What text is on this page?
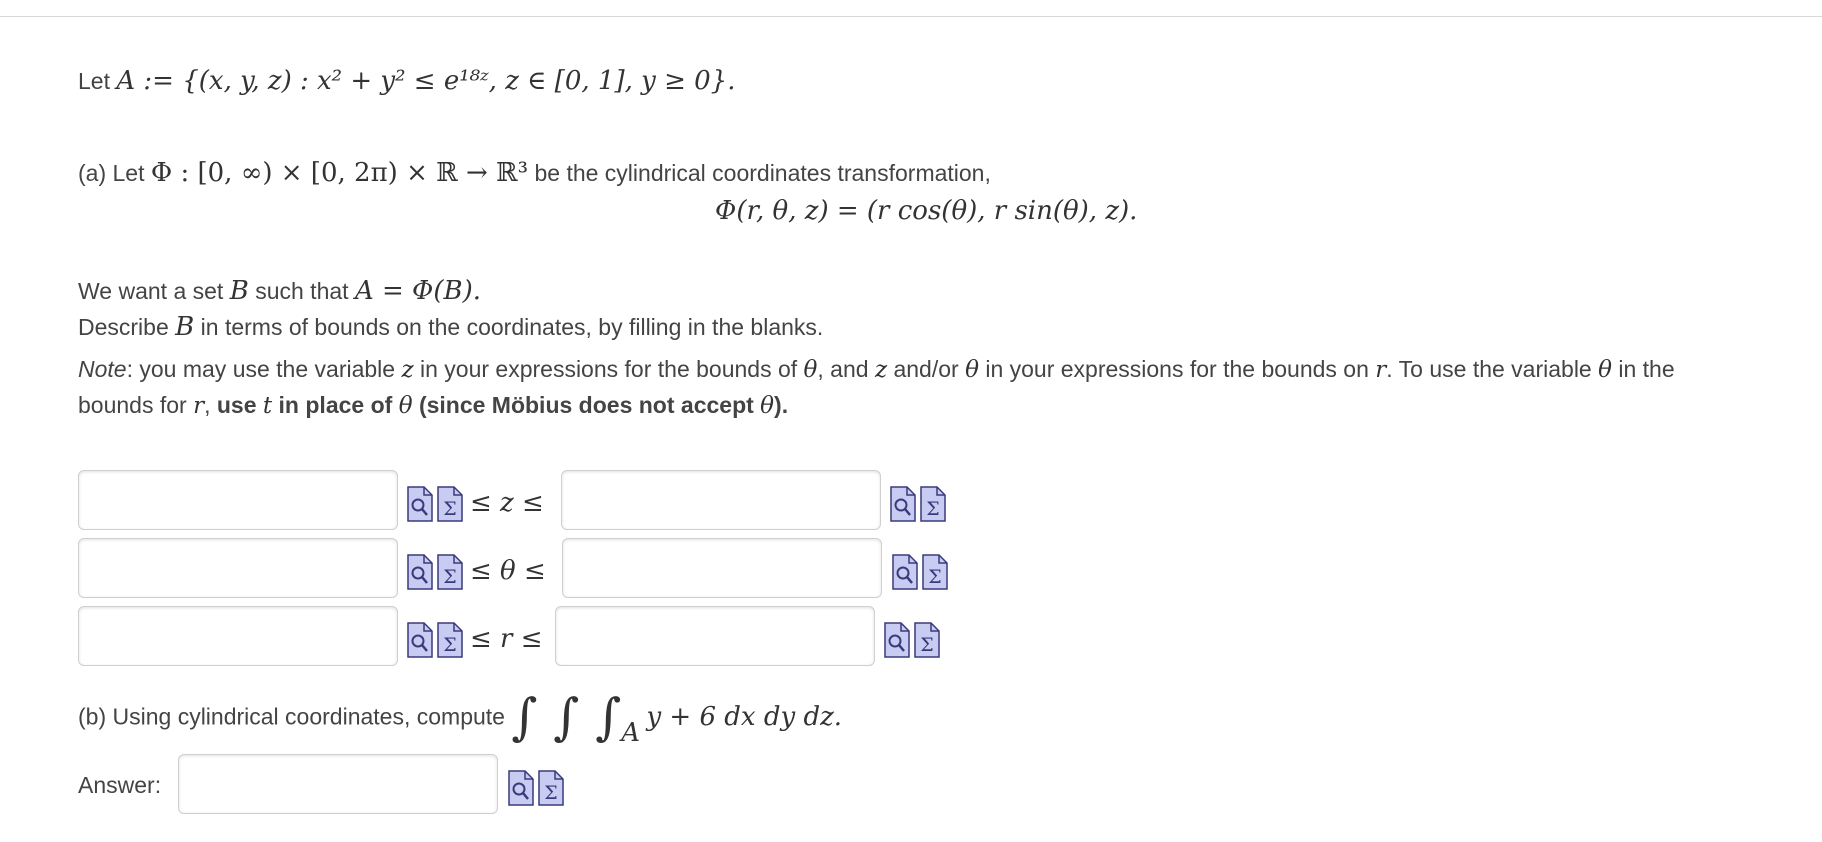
Let A := {(x, y, z) : x² + y² ≤ e¹⁸ᶻ, z ∈ [0, 1], y ≥ 0}.
(a) Let Φ : [0, ∞) × [0, 2π) × ℝ → ℝ³ be the cylindrical coordinates transformation,
Φ(r, θ, z) = (r cos(θ), r sin(θ), z).
We want a set B such that A = Φ(B).
Describe B in terms of bounds on the coordinates, by filling in the blanks.
Note: you may use the variable z in your expressions for the bounds of θ, and z and/or θ in your expressions for the bounds on r. To use the variable θ in the bounds for r, use t in place of θ (since Möbius does not accept θ).
Σ ≤ z ≤	Σ
Σ ≤ θ ≤	Σ
Σ ≤ r ≤	Σ
(b) Using cylindrical coordinates, compute ∫ ∫ $\int_A$ y + 6 dx dy dz.
Answer:	Σ
